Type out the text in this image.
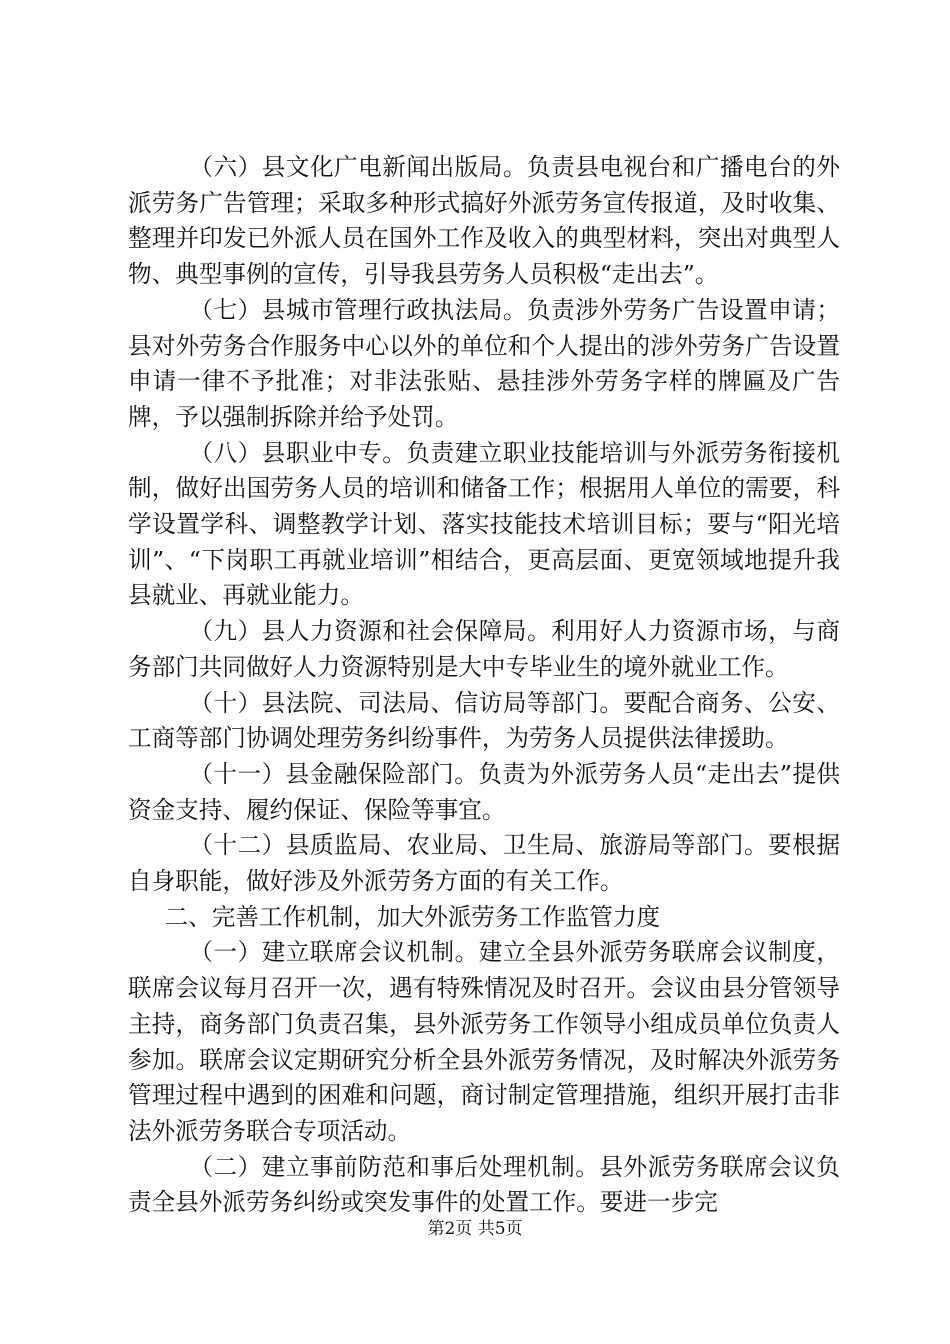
（六）县文化广电新闻出版局。负责县电视台和广播电台的外派劳务广告管理；采取多种形式搞好外派劳务宣传报道，及时收集、整理并印发已外派人员在国外工作及收入的典型材料，突出对典型人物、典型事例的宣传，引导我县劳务人员积极“走出去”。

（七）县城市管理行政执法局。负责涉外劳务广告设置申请；县对外劳务合作服务中心以外的单位和个人提出的涉外劳务广告设置申请一律不予批准；对非法张贴、悬挂涉外劳务字样的牌匾及广告牌，予以强制拆除并给予处罚。

（八）县职业中专。负责建立职业技能培训与外派劳务衔接机制，做好出国劳务人员的培训和储备工作；根据用人单位的需要，科学设置学科、调整教学计划、落实技能技术培训目标；要与“阳光培训”、“下岗职工再就业培训”相结合，更高层面、更宽领域地提升我县就业、再就业能力。

（九）县人力资源和社会保障局。利用好人力资源市场，与商务部门共同做好人力资源特别是大中专毕业生的境外就业工作。

（十）县法院、司法局、信访局等部门。要配合商务、公安、工商等部门协调处理劳务纠纷事件，为劳务人员提供法律援助。

（十一）县金融保险部门。负责为外派劳务人员“走出去”提供资金支持、履约保证、保险等事宜。

（十二）县质监局、农业局、卫生局、旅游局等部门。要根据自身职能，做好涉及外派劳务方面的有关工作。

二、完善工作机制，加大外派劳务工作监管力度

（一）建立联席会议机制。建立全县外派劳务联席会议制度，联席会议每月召开一次，遇有特殊情况及时召开。会议由县分管领导主持，商务部门负责召集，县外派劳务工作领导小组成员单位负责人参加。联席会议定期研究分析全县外派劳务情况，及时解决外派劳务管理过程中遇到的困难和问题，商讨制定管理措施，组织开展打击非法外派劳务联合专项活动。

（二）建立事前防范和事后处理机制。县外派劳务联席会议负责全县外派劳务纠纷或突发事件的处置工作。要进一步完

第2页 共5页
